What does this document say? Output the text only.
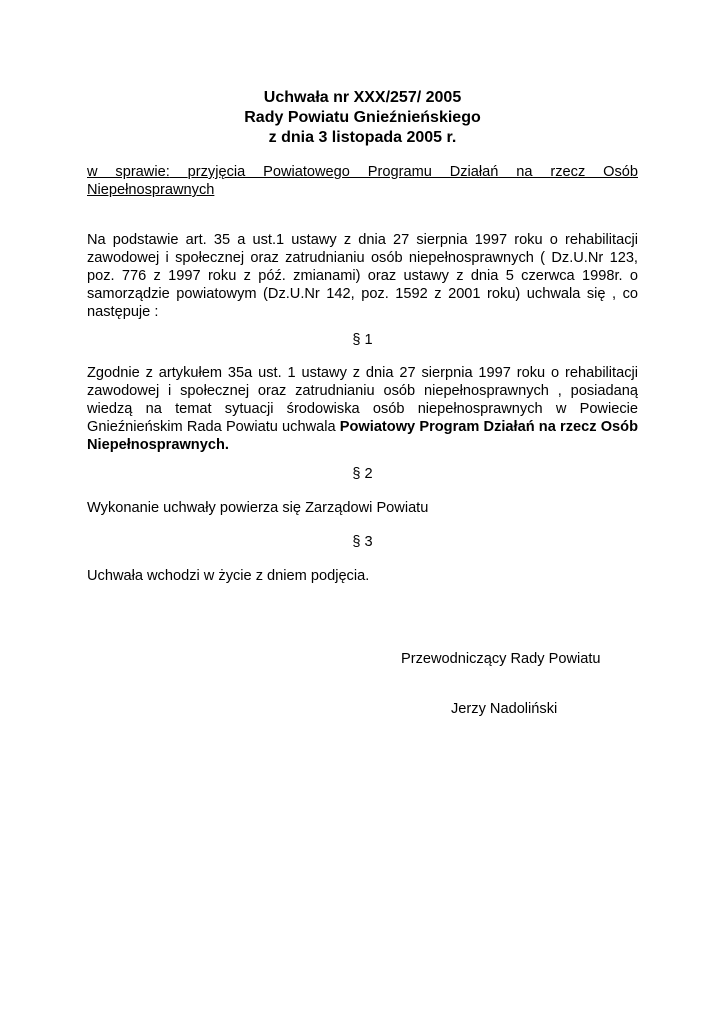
Uchwała nr XXX/257/ 2005
Rady Powiatu Gnieźnieńskiego
z dnia 3 listopada 2005 r.
w sprawie: przyjęcia Powiatowego Programu Działań na rzecz Osób
Niepełnosprawnych
Na podstawie art. 35 a ust.1 ustawy z dnia 27 sierpnia 1997 roku o rehabilitacji zawodowej i społecznej oraz zatrudnianiu osób niepełnosprawnych ( Dz.U.Nr 123, poz. 776 z 1997 roku z póź. zmianami) oraz ustawy z dnia 5 czerwca 1998r. o samorządzie powiatowym (Dz.U.Nr 142, poz. 1592 z 2001 roku) uchwala się , co następuje :
§ 1
Zgodnie z artykułem 35a ust. 1 ustawy z dnia 27 sierpnia 1997 roku o rehabilitacji zawodowej i społecznej oraz zatrudnianiu osób niepełnosprawnych , posiadaną wiedzą na temat sytuacji środowiska osób niepełnosprawnych w Powiecie Gnieźnieńskim Rada Powiatu uchwala Powiatowy Program Działań na rzecz Osób Niepełnosprawnych.
§ 2
Wykonanie uchwały powierza się Zarządowi Powiatu
§ 3
Uchwała wchodzi w życie z dniem podjęcia.
Przewodniczący Rady Powiatu
Jerzy Nadoliński
